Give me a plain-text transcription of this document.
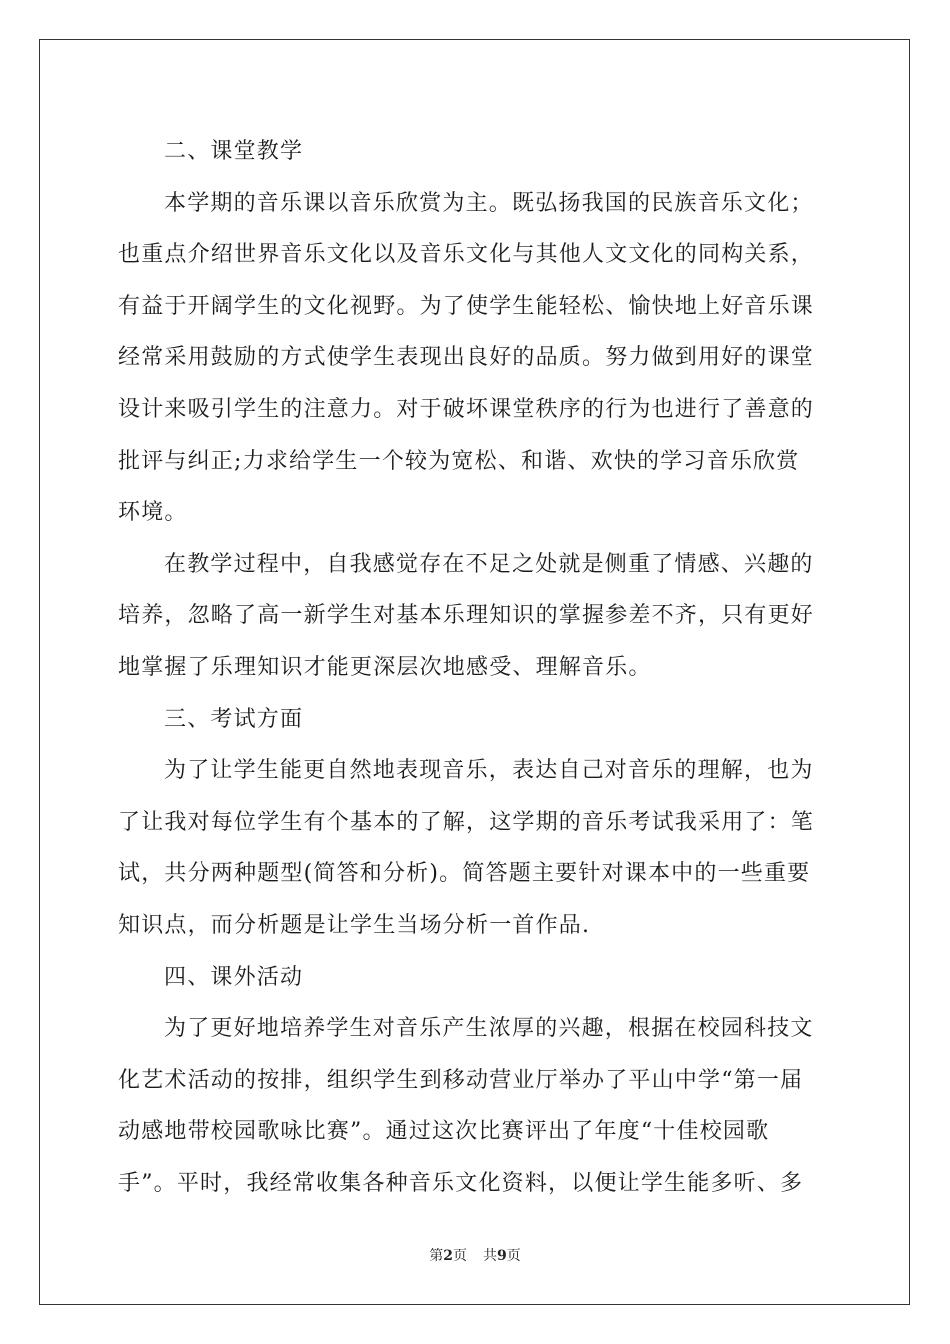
二、课堂教学
本学期的音乐课以音乐欣赏为主。既弘扬我国的民族音乐文化；
也重点介绍世界音乐文化以及音乐文化与其他人文文化的同构关系，
有益于开阔学生的文化视野。为了使学生能轻松、愉快地上好音乐课
经常采用鼓励的方式使学生表现出良好的品质。努力做到用好的课堂
设计来吸引学生的注意力。对于破坏课堂秩序的行为也进行了善意的
批评与纠正;力求给学生一个较为宽松、和谐、欢快的学习音乐欣赏
环境。
在教学过程中，自我感觉存在不足之处就是侧重了情感、兴趣的
培养，忽略了高一新学生对基本乐理知识的掌握参差不齐，只有更好
地掌握了乐理知识才能更深层次地感受、理解音乐。
三、考试方面
为了让学生能更自然地表现音乐，表达自己对音乐的理解，也为
了让我对每位学生有个基本的了解，这学期的音乐考试我采用了：笔
试，共分两种题型(简答和分析)。简答题主要针对课本中的一些重要
知识点，而分析题是让学生当场分析一首作品.
四、课外活动
为了更好地培养学生对音乐产生浓厚的兴趣，根据在校园科技文
化艺术活动的按排，组织学生到移动营业厅举办了平山中学“第一届
动感地带校园歌咏比赛”。通过这次比赛评出了年度“十佳校园歌
手”。平时，我经常收集各种音乐文化资料，以便让学生能多听、多
第2页 共9页
